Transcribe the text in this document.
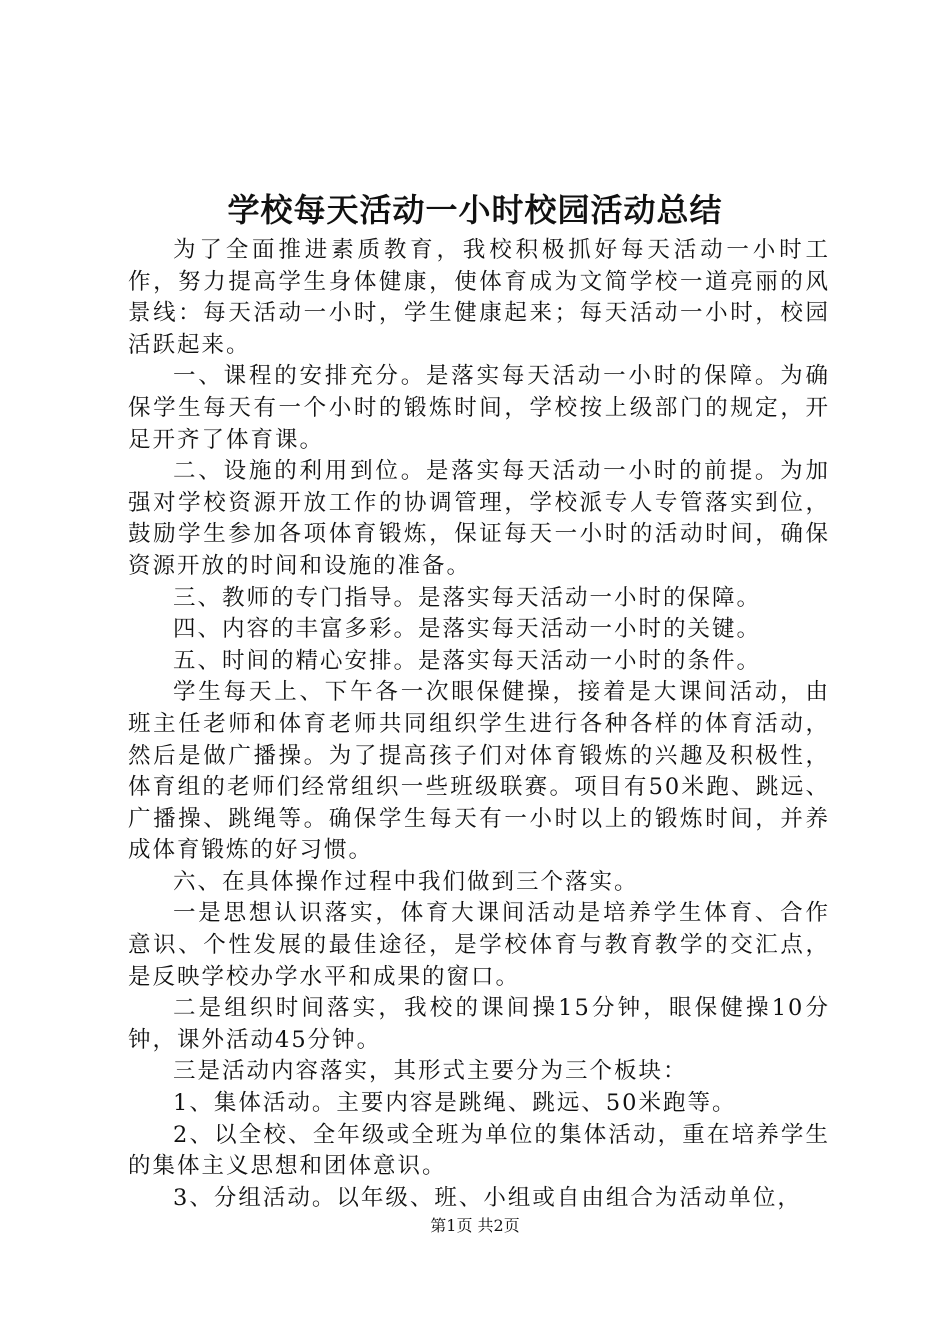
学校每天活动一小时校园活动总结

为了全面推进素质教育，我校积极抓好每天活动一小时工作，努力提高学生身体健康，使体育成为文简学校一道亮丽的风景线：每天活动一小时，学生健康起来；每天活动一小时，校园活跃起来。

一、课程的安排充分。是落实每天活动一小时的保障。为确保学生每天有一个小时的锻炼时间，学校按上级部门的规定，开足开齐了体育课。

二、设施的利用到位。是落实每天活动一小时的前提。为加强对学校资源开放工作的协调管理，学校派专人专管落实到位，鼓励学生参加各项体育锻炼，保证每天一小时的活动时间，确保资源开放的时间和设施的准备。

三、教师的专门指导。是落实每天活动一小时的保障。

四、内容的丰富多彩。是落实每天活动一小时的关键。

五、时间的精心安排。是落实每天活动一小时的条件。

学生每天上、下午各一次眼保健操，接着是大课间活动，由班主任老师和体育老师共同组织学生进行各种各样的体育活动，然后是做广播操。为了提高孩子们对体育锻炼的兴趣及积极性，体育组的老师们经常组织一些班级联赛。项目有50米跑、跳远、广播操、跳绳等。确保学生每天有一小时以上的锻炼时间，并养成体育锻炼的好习惯。

六、在具体操作过程中我们做到三个落实。

一是思想认识落实，体育大课间活动是培养学生体育、合作意识、个性发展的最佳途径，是学校体育与教育教学的交汇点，是反映学校办学水平和成果的窗口。

二是组织时间落实，我校的课间操15分钟，眼保健操10分钟，课外活动45分钟。

三是活动内容落实，其形式主要分为三个板块：

1、集体活动。主要内容是跳绳、跳远、50米跑等。

2、以全校、全年级或全班为单位的集体活动，重在培养学生的集体主义思想和团体意识。

3、分组活动。以年级、班、小组或自由组合为活动单位，

第1页 共2页
